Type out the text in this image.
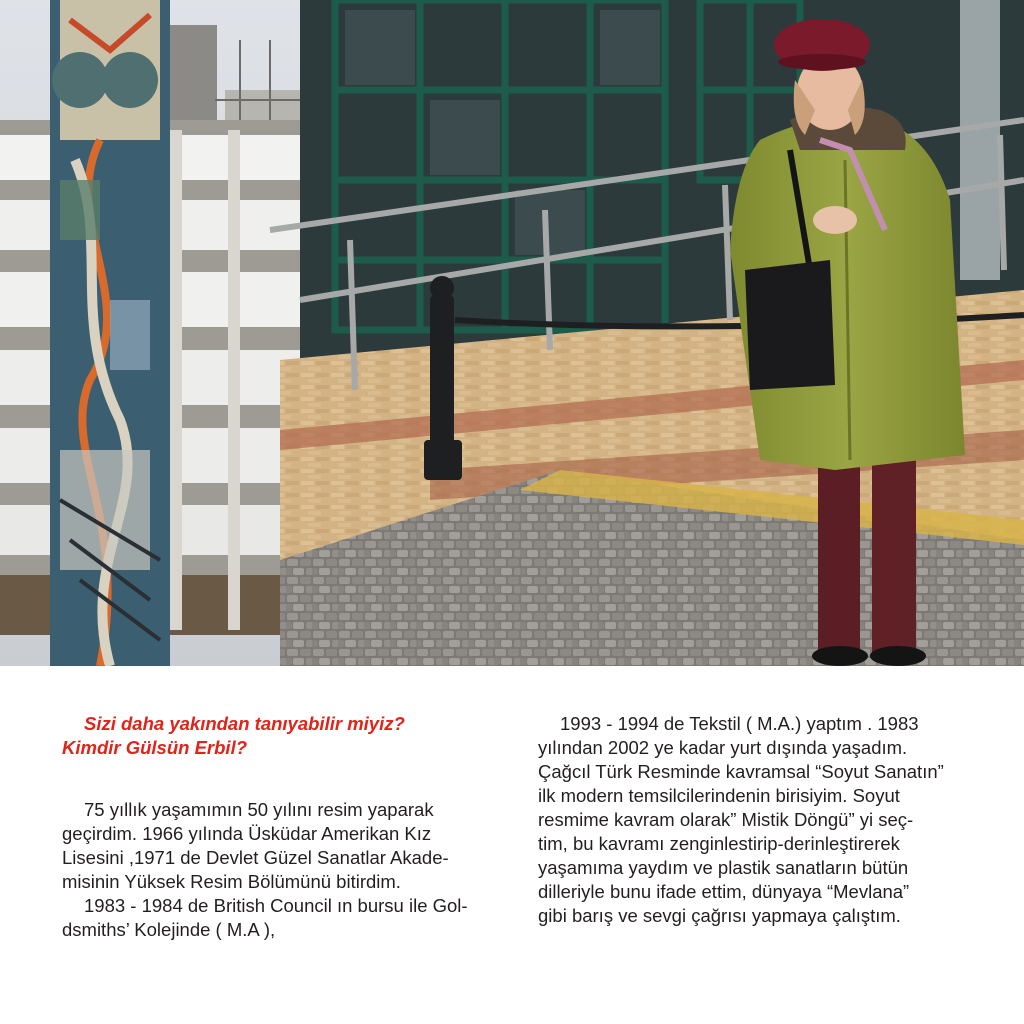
Sizi daha yakından tanıyabilir miyiz?
Kimdir Gülsün Erbil?

75 yıllık yaşamımın 50 yılını resim yaparak
geçirdim. 1966 yılında Üsküdar Amerikan Kız
Lisesini ,1971 de Devlet Güzel Sanatlar Akade-
misinin Yüksek Resim Bölümünü bitirdim.
1983 - 1984 de British Council ın bursu ile Gol-
dsmiths’ Kolejinde ( M.A ),

1993 - 1994 de Tekstil ( M.A.) yaptım . 1983
yılından 2002 ye kadar yurt dışında yaşadım.
Çağcıl Türk Resminde kavramsal “Soyut Sanatın”
ilk modern temsilcilerindenin birisiyim. Soyut
resmime kavram olarak” Mistik Döngü” yi seç-
tim, bu kavramı zenginlestirip-derinleştirerek
yaşamıma yaydım ve plastik sanatların bütün
dilleriyle bunu ifade ettim, dünyaya “Mevlana”
gibi barış ve sevgi çağrısı yapmaya çalıştım.
